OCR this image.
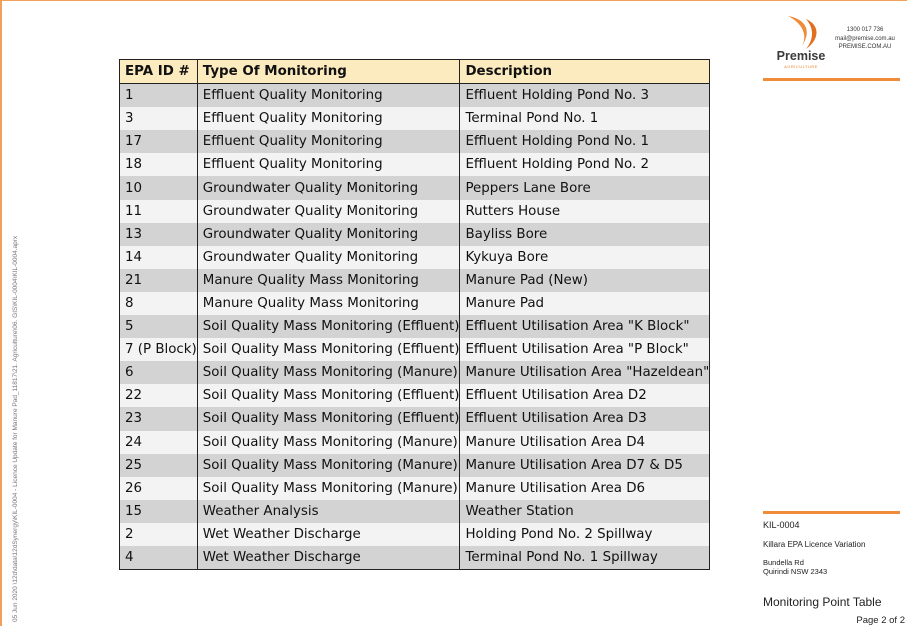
05 Jun 2020 \12d\data\12dSynergy\KIL-0004 - Licence Update for Manure Pad_11817\21. Agriculture\06. GIS\KIL-0004\KIL-0004.aprx
EPA ID #	Type Of Monitoring	Description
1	Effluent Quality Monitoring	Effluent Holding Pond No. 3
3	Effluent Quality Monitoring	Terminal Pond No. 1
17	Effluent Quality Monitoring	Effluent Holding Pond No. 1
18	Effluent Quality Monitoring	Effluent Holding Pond No. 2
10	Groundwater Quality Monitoring	Peppers Lane Bore
11	Groundwater Quality Monitoring	Rutters House
13	Groundwater Quality Monitoring	Bayliss Bore
14	Groundwater Quality Monitoring	Kykuya Bore
21	Manure Quality Mass Monitoring	Manure Pad (New)
8	Manure Quality Mass Monitoring	Manure Pad
5	Soil Quality Mass Monitoring (Effluent)	Effluent Utilisation Area "K Block"
7 (P Block)	Soil Quality Mass Monitoring (Effluent)	Effluent Utilisation Area "P Block"
6	Soil Quality Mass Monitoring (Manure)	Manure Utilisation Area "Hazeldean"
22	Soil Quality Mass Monitoring (Effluent)	Effluent Utilisation Area D2
23	Soil Quality Mass Monitoring (Effluent)	Effluent Utilisation Area D3
24	Soil Quality Mass Monitoring (Manure)	Manure Utilisation Area D4
25	Soil Quality Mass Monitoring (Manure)	Manure Utilisation Area D7 & D5
26	Soil Quality Mass Monitoring (Manure)	Manure Utilisation Area D6
15	Weather Analysis	Weather Station
2	Wet Weather Discharge	Holding Pond No. 2 Spillway
4	Wet Weather Discharge	Terminal Pond No. 1 Spillway
Premise
AGRICULTURE
1300 017 736
mail@premise.com.au
PREMISE.COM.AU
KIL-0004
Killara EPA Licence Variation
Bundella Rd
Quirindi NSW 2343
Monitoring Point Table
Page 2 of 2
